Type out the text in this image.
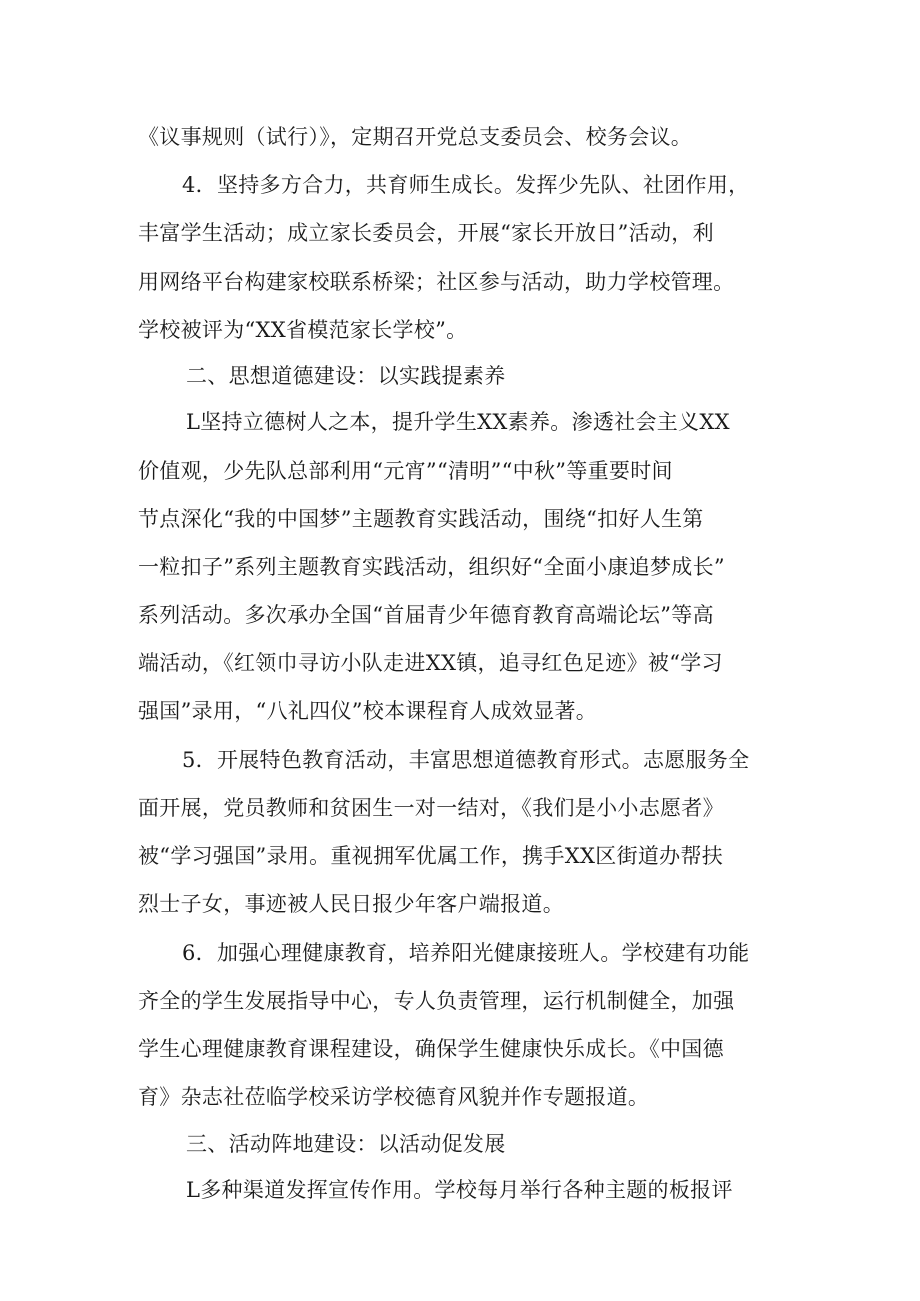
《议事规则（试行）》，定期召开党总支委员会、校务会议。
4．坚持多方合力，共育师生成长。发挥少先队、社团作用，
丰富学生活动；成立家长委员会，开展“家长开放日”活动，利
用网络平台构建家校联系桥梁；社区参与活动，助力学校管理。
学校被评为“XX省模范家长学校”。
二、思想道德建设：以实践提素养
L坚持立德树人之本，提升学生XX素养。渗透社会主义XX
价值观，少先队总部利用“元宵”“清明”“中秋”等重要时间
节点深化“我的中国梦”主题教育实践活动，围绕“扣好人生第
一粒扣子”系列主题教育实践活动，组织好“全面小康追梦成长”
系列活动。多次承办全国“首届青少年德育教育高端论坛”等高
端活动，《红领巾寻访小队走进XX镇，追寻红色足迹》被“学习
强国”录用，“八礼四仪”校本课程育人成效显著。
5．开展特色教育活动，丰富思想道德教育形式。志愿服务全
面开展，党员教师和贫困生一对一结对，《我们是小小志愿者》
被“学习强国”录用。重视拥军优属工作，携手XX区街道办帮扶
烈士子女，事迹被人民日报少年客户端报道。
6．加强心理健康教育，培养阳光健康接班人。学校建有功能
齐全的学生发展指导中心，专人负责管理，运行机制健全，加强
学生心理健康教育课程建设，确保学生健康快乐成长。《中国德
育》杂志社莅临学校采访学校德育风貌并作专题报道。
三、活动阵地建设：以活动促发展
L多种渠道发挥宣传作用。学校每月举行各种主题的板报评
